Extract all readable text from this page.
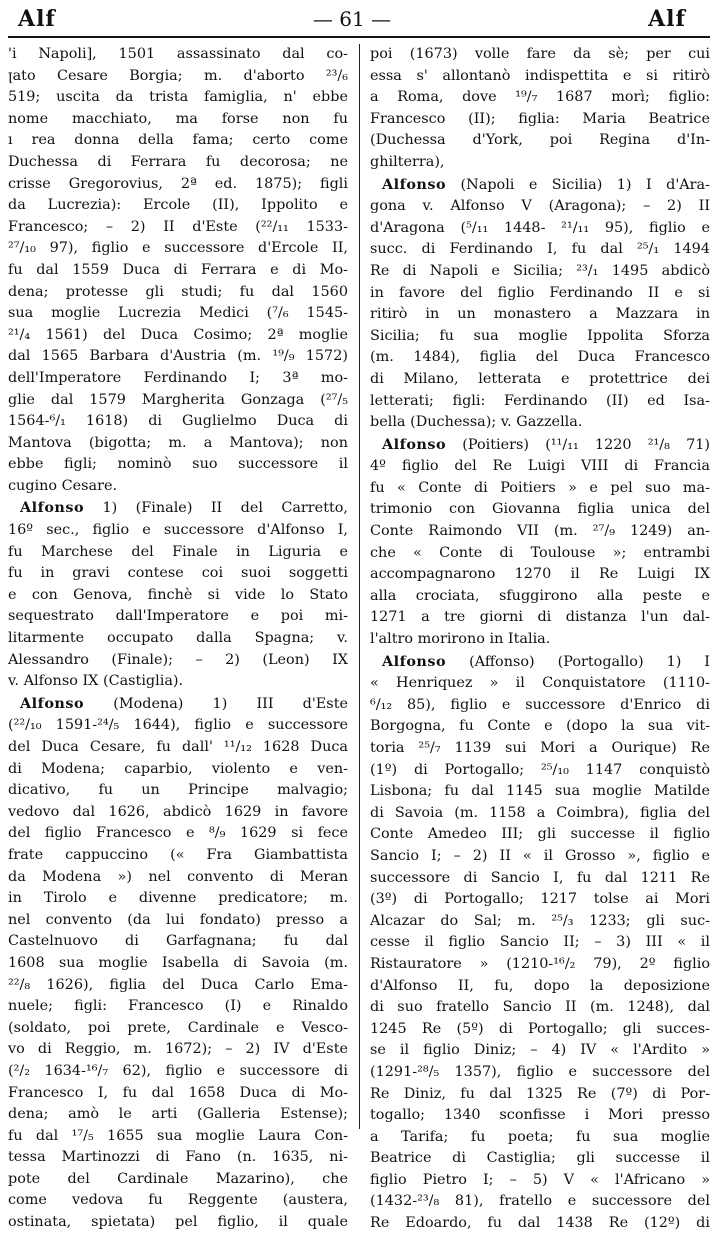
Alf	— 61 —	Alf
'i Napoli], 1501 assassinato dal co-
ꞁato Cesare Borgia; m. d'aborto ²³/₆
519; uscita da trista famiglia, n' ebbe
nome macchiato, ma forse non fu
ı rea donna della fama; certo come
Duchessa di Ferrara fu decorosa; ne
crisse Gregorovius, 2ª ed. 1875); figli
da Lucrezia): Ercole (II), Ippolito e
Francesco; – 2) II d'Este (²²/₁₁ 1533-
²⁷/₁₀ 97), figlio e successore d'Ercole II,
fu dal 1559 Duca di Ferrara e di Mo-
dena; protesse gli studi; fu dal 1560
sua moglie Lucrezia Medici (⁷/₆ 1545-
²¹/₄ 1561) del Duca Cosimo; 2ª moglie
dal 1565 Barbara d'Austria (m. ¹⁹/₉ 1572)
dell'Imperatore Ferdinando I; 3ª mo-
glie dal 1579 Margherita Gonzaga (²⁷/₅
1564-⁶/₁ 1618) di Guglielmo Duca di
Mantova (bigotta; m. a Mantova); non
ebbe figli; nominò suo successore il
cugino Cesare.
Alfonso 1) (Finale) II del Carretto,
16º sec., figlio e successore d'Alfonso I,
fu Marchese del Finale in Liguria e
fu in gravi contese coi suoi soggetti
e con Genova, finchè si vide lo Stato
sequestrato dall'Imperatore e poi mi-
litarmente occupato dalla Spagna; v.
Alessandro (Finale); – 2) (Leon) IX
v. Alfonso IX (Castiglia).
Alfonso (Modena) 1) III d'Este
(²²/₁₀ 1591-²⁴/₅ 1644), figlio e successore
del Duca Cesare, fu dall' ¹¹/₁₂ 1628 Duca
di Modena; caparbio, violento e ven-
dicativo, fu un Principe malvagio;
vedovo dal 1626, abdicò 1629 in favore
del figlio Francesco e ⁸/₉ 1629 si fece
frate cappuccino (« Fra Giambattista
da Modena ») nel convento di Meran
in Tirolo e divenne predicatore; m.
nel convento (da lui fondato) presso a
Castelnuovo di Garfagnana; fu dal
1608 sua moglie Isabella di Savoia (m.
²²/₈ 1626), figlia del Duca Carlo Ema-
nuele; figli: Francesco (I) e Rinaldo
(soldato, poi prete, Cardinale e Vesco-
vo di Reggio, m. 1672); – 2) IV d'Este
(²/₂ 1634-¹⁶/₇ 62), figlio e successore di
Francesco I, fu dal 1658 Duca di Mo-
dena; amò le arti (Galleria Estense);
fu dal ¹⁷/₅ 1655 sua moglie Laura Con-
tessa Martinozzi di Fano (n. 1635, ni-
pote del Cardinale Mazarino), che
come vedova fu Reggente (austera,
ostinata, spietata) pel figlio, il quale
poi (1673) volle fare da sè; per cui
essa s' allontanò indispettita e si ritirò
a Roma, dove ¹⁹/₇ 1687 morì; figlio:
Francesco (II); figlia: Maria Beatrice
(Duchessa d'York, poi Regina d'In-
ghilterra),
Alfonso (Napoli e Sicilia) 1) I d'Ara-
gona v. Alfonso V (Aragona); – 2) II
d'Aragona (⁵/₁₁ 1448- ²¹/₁₁ 95), figlio e
succ. di Ferdinando I, fu dal ²⁵/₁ 1494
Re di Napoli e Sicilia; ²³/₁ 1495 abdicò
in favore del figlio Ferdinando II e si
ritirò in un monastero a Mazzara in
Sicilia; fu sua moglie Ippolita Sforza
(m. 1484), figlia del Duca Francesco
di Milano, letterata e protettrice dei
letterati; figli: Ferdinando (II) ed Isa-
bella (Duchessa); v. Gazzella.
Alfonso (Poitiers) (¹¹/₁₁ 1220 ²¹/₈ 71)
4º figlio del Re Luigi VIII di Francia
fu « Conte di Poitiers » e pel suo ma-
trimonio con Giovanna figlia unica del
Conte Raimondo VII (m. ²⁷/₉ 1249) an-
che « Conte di Toulouse »; entrambi
accompagnarono 1270 il Re Luigi IX
alla crociata, sfuggirono alla peste e
1271 a tre giorni di distanza l'un dal-
l'altro morirono in Italia.
Alfonso (Affonso) (Portogallo) 1) I
« Henriquez » il Conquistatore (1110-
⁶/₁₂ 85), figlio e successore d'Enrico di
Borgogna, fu Conte e (dopo la sua vit-
toria ²⁵/₇ 1139 sui Mori a Ourique) Re
(1º) di Portogallo; ²⁵/₁₀ 1147 conquistò
Lisbona; fu dal 1145 sua moglie Matilde
di Savoia (m. 1158 a Coimbra), figlia del
Conte Amedeo III; gli successe il figlio
Sancio I; – 2) II « il Grosso », figlio e
successore di Sancio I, fu dal 1211 Re
(3º) di Portogallo; 1217 tolse ai Mori
Alcazar do Sal; m. ²⁵/₃ 1233; gli suc-
cesse il figlio Sancio II; – 3) III « il
Ristauratore » (1210-¹⁶/₂ 79), 2º figlio
d'Alfonso II, fu, dopo la deposizione
di suo fratello Sancio II (m. 1248), dal
1245 Re (5º) di Portogallo; gli succes-
se il figlio Diniz; – 4) IV « l'Ardito »
(1291-²⁸/₅ 1357), figlio e successore del
Re Diniz, fu dal 1325 Re (7º) di Por-
togallo; 1340 sconfisse i Mori presso
a Tarifa; fu poeta; fu sua moglie
Beatrice di Castiglia; gli successe il
figlio Pietro I; – 5) V « l'Africano »
(1432-²³/₈ 81), fratello e successore del
Re Edoardo, fu dal 1438 Re (12º) di
